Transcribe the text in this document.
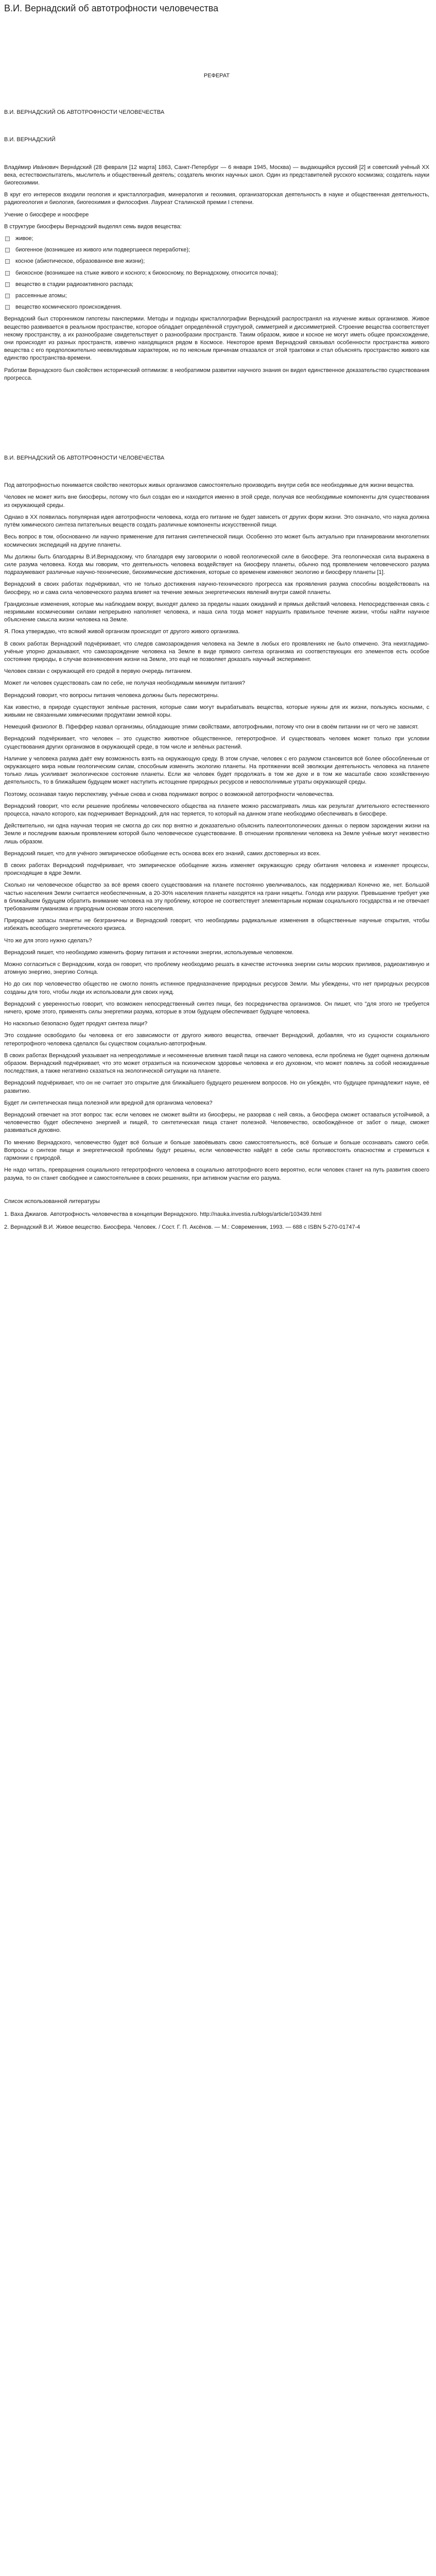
В.И. Вернадский об автотрофности человечества
РЕФЕРАТ
В.И. ВЕРНАДСКИЙ ОБ АВТОТРОФНОСТИ ЧЕЛОВЕЧЕСТВА
В.И. ВЕРНАДСКИЙ

Влади́мир Ива́нович Верна́дский (28 февраля [12 марта] 1863, Санкт-Петербург — 6 января 1945, Москва) — выдающийся русский [2] и советский учёный XX века, естествоиспытатель, мыслитель и общественный деятель; создатель многих научных школ. Один из представителей русского космизма; создатель науки биогеохимии.

В круг его интересов входили геология и кристаллография, минералогия и геохимия, организаторская деятельность в науке и общественная деятельность, радиогеология и биология, биогеохимия и философия. Лауреат Сталинской премии I степени.

Учение о биосфере и ноосфере

В структуре биосферы Вернадский выделял семь видов вещества:

живое;
биогенное (возникшее из живого или подвергшееся переработке);
косное (абиотическое, образованное вне жизни);
биокосное (возникшее на стыке живого и косного; к биокосному, по Вернадскому, относится почва);
вещество в стадии радиоактивного распада;
рассеянные атомы;
вещество космического происхождения.

Вернадский был сторонником гипотезы панспермии. Методы и подходы кристаллографии Вернадский распространял на изучение живых организмов. Живое вещество развивается в реальном пространстве, которое обладает определённой структурой, симметрией и диссимметрией. Строение вещества соответствует некому пространству, а их разнообразие свидетельствует о разнообразии пространств. Таким образом, живое и косное не могут иметь общее происхождение, они происходят из разных пространств, извечно находящихся рядом в Космосе. Некоторое время Вернадский связывал особенности пространства живого вещества с его предположительно неевклидовым характером, но по неясным причинам отказался от этой трактовки и стал объяснять пространство живого как единство пространства-времени.

Работам Вернадского был свойствен исторический оптимизм: в необратимом развитии научного знания он видел единственное доказательство существования прогресса.

В.И. ВЕРНАДСКИЙ ОБ АВТОТРОФНОСТИ ЧЕЛОВЕЧЕСТВА

Под автотрофностью понимается свойство некоторых живых организмов самостоятельно производить внутри себя все необходимые для жизни вещества.

Человек не может жить вне биосферы, потому что был создан ею и находится именно в этой среде, получая все необходимые компоненты для существования из окружающей среды.

Однако в ХХ появилась популярная идея автотрофности человека, когда его питание не будет зависеть от других форм жизни. Это означало, что наука должна путём химического синтеза питательных веществ создать различные компоненты искусственной пищи.

Весь вопрос в том, обоснованно ли научно применение для питания синтетической пищи. Особенно это может быть актуально при планировании многолетних космических экспедиций на другие планеты.

Мы должны быть благодарны В.И.Вернадскому, что благодаря ему заговорили о новой геологической силе в биосфере. Эта геологическая сила выражена в силе разума человека. Когда мы говорим, что деятельность человека воздействует на биосферу планеты, обычно под проявлением человеческого разума подразумевают различные научно-технические, биохимические достижения, которые со временем изменяют экологию и биосферу планеты [1].

Вернадский в своих работах подчёркивал, что не только достижения научно-технического прогресса как проявления разума способны воздействовать на биосферу, но и сама сила человеческого разума влияет на течение земных энергетических явлений внутри самой планеты.

Грандиозные изменения, которые мы наблюдаем вокруг, выходят далеко за пределы наших ожиданий и прямых действий человека. Непосредственная связь с незримыми космическими силами непрерывно наполняет человека, и наша сила тогда может нарушить правильное течение жизни, чтобы найти научное объяснение смысла жизни человека на Земле.

Я. Пока утверждаю, что всякий живой организм происходит от другого живого организма.

В своих работах Вернадский подчёркивает, что следов самозарождения человека на Земле в любых его проявлениях не было отмечено. Эта неизгладимо-учёные упорно доказывают, что самозарождение человека на Земле в виде прямого синтеза организма из соответствующих его элементов есть особое состояние природы, в случае возникновения жизни на Земле, это ещё не позволяет доказать научный эксперимент.

Человек связан с окружающей его средой в первую очередь питанием.

Может ли человек существовать сам по себе, не получая необходимым минимум питания?

Вернадский говорит, что вопросы питания человека должны быть пересмотрены.

Как известно, в природе существуют зелёные растения, которые сами могут вырабатывать вещества, которые нужны для их жизни, пользуясь косными, с живыми не связанными химическими продуктами земной коры.

Немецкий физиолог В. Пфеффер назвал организмы, обладающие этими свойствами, автотрофными, потому что они в своём питании ни от чего не зависят.

Вернадский подчёркивает, что человек – это существо животное общественное, гетеротрофное. И существовать человек может только при условии существования других организмов в окружающей среде, в том числе и зелёных растений.

Наличие у человека разума даёт ему возможность взять на окружающую среду. В этом случае, человек с его разумом становится всё более обособленным от окружающего мира новым геологическим силам, способным изменить экологию планеты. На протяжении всей эволюции деятельность человека на планете только лишь усиливает экологическое состояние планеты. Если же человек будет продолжать в том же духе и в том же масштабе свою хозяйственную деятельность, то в ближайшем будущем может наступить истощение природных ресурсов и невосполнимые утраты окружающей среды.

Поэтому, осознавая такую перспективу, учёные снова и снова поднимают вопрос о возможной автотрофности человечества.

Вернадский говорит, что если решение проблемы человеческого общества на планете можно рассматривать лишь как результат длительного естественного процесса, начало которого, как подчеркивает Вернадский, для нас теряется, то который на данном этапе необходимо обеспечивать в биосфере.

Действительно, ни одна научная теория не смогла до сих пор внятно и доказательно объяснить палеонтологических данных о первом зарождении жизни на Земле и последним важным проявлением которой было человеческое существование. В отношении проявлении человека на Земле учёные могут неизвестно лишь образом.

Вернадский пишет, что для учёного эмпирическое обобщение есть основа всех его знаний, самих достоверных из всех.

В своих работах Вернадский подчёркивает, что эмпирическое обобщение жизнь изменяет окружающую среду обитания человека и изменяет процессы, происходящие в ядре Земли.

Сколько ни человеческое общество за всё время своего существования на планете постоянно увеличивалось, как поддерживал Конечно же, нет. Большой частью населения Земли считается необеспеченным, а 20-30% населения планеты находятся на грани нищеты. Голода или разрухи. Превышение требует уже в ближайшем будущем обратить внимание человека на эту проблему, которое не соответствует элементарным нормам социального государства и не отвечает требованиям гуманизма и природным основам этого населения.

Природные запасы планеты не безграничны и Вернадский говорит, что необходимы радикальные изменения в общественные научные открытия, чтобы избежать всеобщего энергетического кризиса.

Что же для этого нужно сделать?

Вернадский пишет, что необходимо изменить форму питания и источники энергии, используемые человеком.

Можно согласиться с Вернадским, когда он говорит, что проблему необходимо решать в качестве источника энергии силы морских приливов, радиоактивную и атомную энергию, энергию Солнца.

Но до сих пор человечество общество не смогло понять истинное предназначение природных ресурсов Земли. Мы убеждены, что нет природных ресурсов созданы для того, чтобы люди их использовали для своих нужд.

Вернадский с уверенностью говорит, что возможен непосредственный синтез пищи, без посредничества организмов. Он пишет, что "для этого не требуется ничего, кроме этого, применять силы энергетики разума, которые в этом будущем обеспечивает будущее человека.

Но насколько безопасно будет продукт синтеза пищи?

Это создание освободило бы человека от его зависимости от другого живого вещества, отвечает Вернадский, добавляя, что из сущности социального гетеротрофного человека сделался бы существом социально-автотрофным.

В своих работах Вернадский указывает на непреодолимые и несомненные влияния такой пищи на самого человека, если проблема не будет оценена должным образом. Вернадский подчёркивает, что это может отразиться на психическом здоровье человека и его духовном, что может повлечь за собой неожиданные последствия, а также негативно сказаться на экологической ситуации на планете.

Вернадский подчёркивает, что он не считает это открытие для ближайшего будущего решением вопросов. Но он убеждён, что будущее принадлежит науке, её развитию.

Будет ли синтетическая пища полезной или вредной для организма человека?

Вернадский отвечает на этот вопрос так: если человек не сможет выйти из биосферы, не разорвав с ней связь, а биосфера сможет оставаться устойчивой, а человечество будет обеспечено энергией и пищей, то синтетическая пища станет полезной. Человечество, освобождённое от забот о пище, сможет развиваться духовно.

По мнению Вернадского, человечество будет всё больше и больше завоёвывать свою самостоятельность, всё больше и больше осознавать самого себя. Вопросы о синтезе пищи и энергетической проблемы будут решены, если человечество найдёт в себе силы противостоять опасностям и стремиться к гармонии с природой.

Не надо читать, превращения социального гетеротрофного человека в социально автотрофного всего вероятно, если человек станет на путь развития своего разума, то он станет свободнее и самостоятельнее в своих решениях, при активном участии его разума.

Список использованной литературы
1. Вахa Джиагов. Автотрофность человечества в концепции Вернадского. http://nauka.investia.ru/blogs/article/103439.html
2. Вернадский В.И. Живое вещество. Биосфера. Человек. / Сост. Г. П. Аксёнов. — М.: Современник, 1993. — 688 с ISBN 5-270-01747-4
